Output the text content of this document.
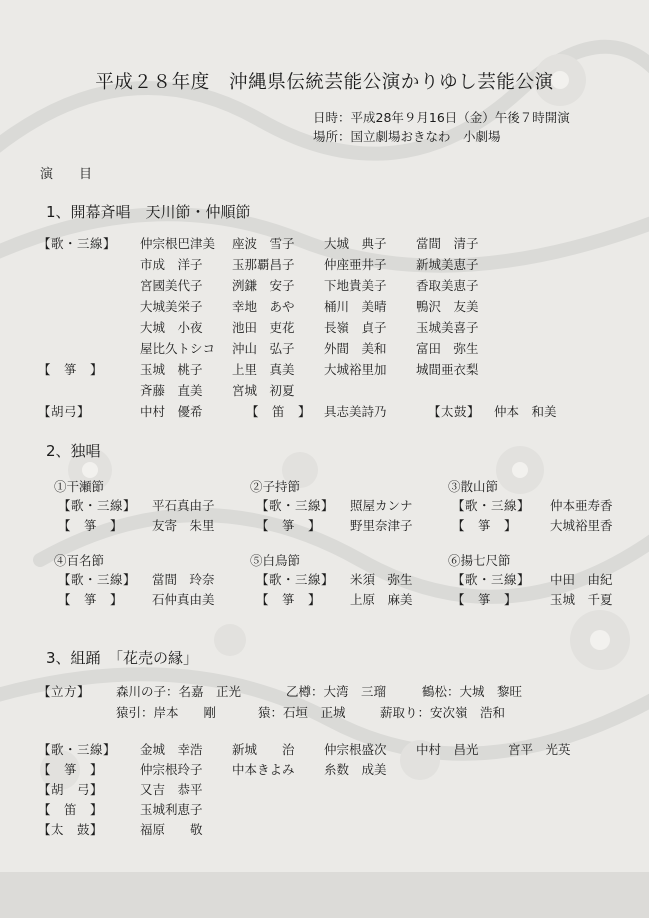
平成２８年度　沖縄県伝統芸能公演かりゆし芸能公演
日時：平成28年９月16日（金）午後７時開演
場所：国立劇場おきなわ　小劇場
演　　目
1、開幕斉唱　天川節・仲順節
【歌・三線】 仲宗根巴津美 座波　雪子 大城　典子 當間　清子
市成　洋子 玉那覇昌子 仲座亜井子 新城美恵子
宮國美代子 洌鎌　安子 下地貴美子 香取美恵子
大城美栄子 幸地　あや 桶川　美晴 鴨沢　友美
大城　小夜 池田　吏花 長嶺　貞子 玉城美喜子
屋比久トシコ 沖山　弘子 外間　美和 富田　弥生
【　箏　】	玉城　桃子 上里　真美 大城裕里加 城間亜衣梨
斉藤　直美 宮城　初夏
【胡弓】	中村　優希	【　笛　】 具志美詩乃	【太鼓】 仲本　和美
2、独唱
①干瀬節
【歌・三線】 平石真由子
【　箏　】 友寄　朱里
②子持節
【歌・三線】 照屋カンナ
【　箏　】 野里奈津子
③散山節
【歌・三線】 仲本亜寿香
【　箏　】	大城裕里香
④百名節
【歌・三線】 當間　玲奈
【　箏　】 石仲真由美
⑤白鳥節
【歌・三線】 米須　弥生
【　箏　】 上原　麻美
⑥揚七尺節
【歌・三線】 中田　由紀
【　箏　】	玉城　千夏
3、組踊　「花売の縁」
【立方】 森川の子：名嘉　正光	乙樽：大湾　三瑠	鶴松：大城　黎旺
猿引：岸本　　剛	猿：石垣　正城	薪取り：安次嶺　浩和
【歌・三線】 金城　幸浩 新城　　治 仲宗根盛次 中村　昌光 宮平　光英
【　箏　】	仲宗根玲子 中本きよみ 糸数　成美
【胡　弓】	又吉　恭平
【　笛　】	玉城利恵子
【太　鼓】	福原　　敬
